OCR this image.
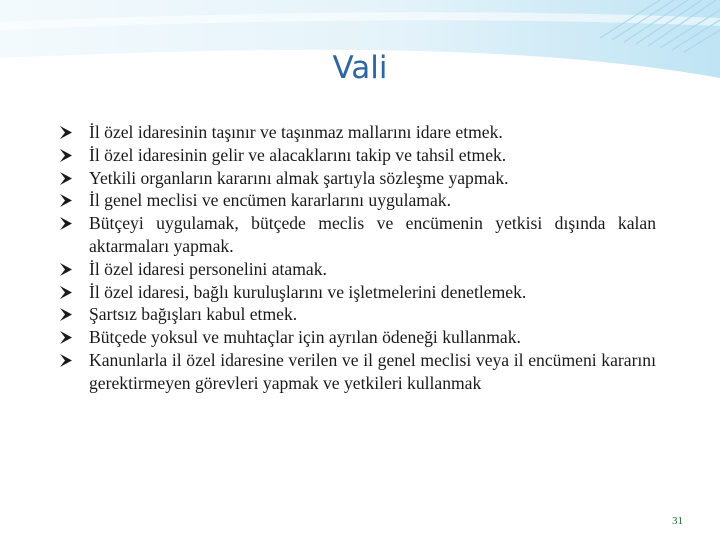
Vali
İl özel idaresinin taşınır ve taşınmaz mallarını idare etmek.
İl özel idaresinin gelir ve alacaklarını takip ve tahsil etmek.
Yetkili organların kararını almak şartıyla sözleşme yapmak.
İl genel meclisi ve encümen kararlarını uygulamak.
Bütçeyi uygulamak, bütçede meclis ve encümenin yetkisi dışında kalan aktarmaları yapmak.
İl özel idaresi personelini atamak.
İl özel idaresi, bağlı kuruluşlarını ve işletmelerini denetlemek.
Şartsız bağışları kabul etmek.
Bütçede yoksul ve muhtaçlar için ayrılan ödeneği kullanmak.
Kanunlarla il özel idaresine verilen ve il genel meclisi veya il encümeni kararını gerektirmeyen görevleri yapmak ve yetkileri kullanmak
31
